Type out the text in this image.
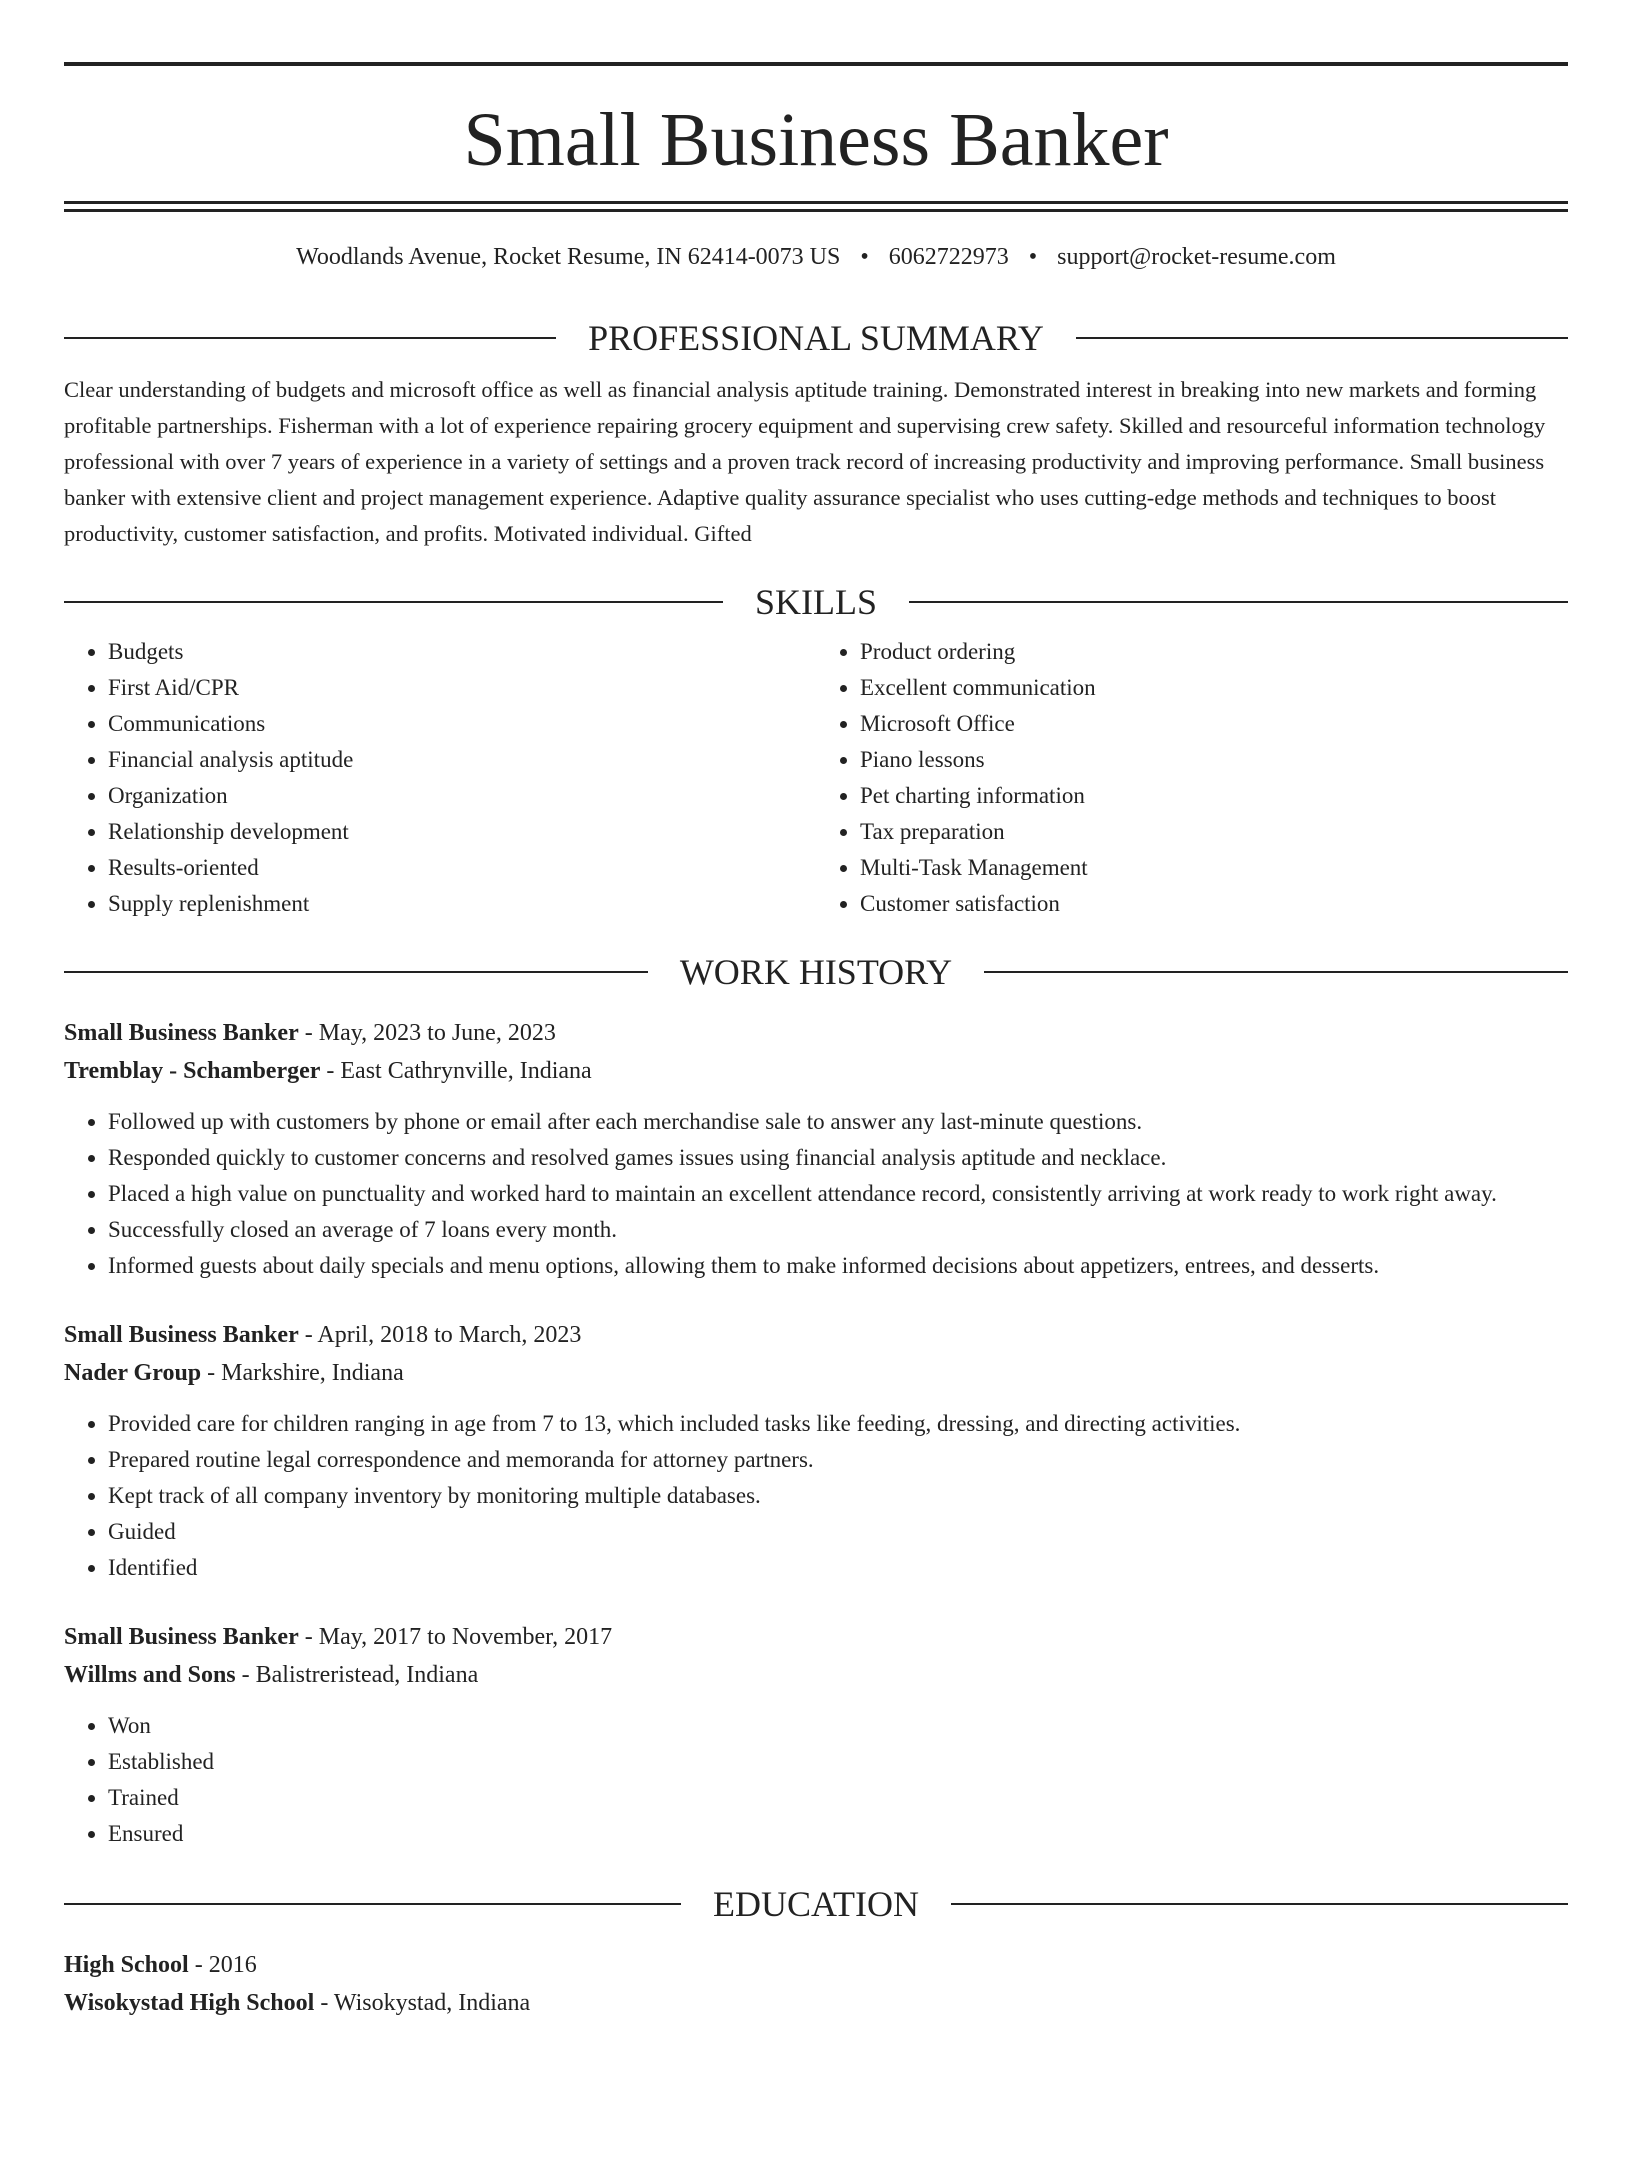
Small Business Banker
Woodlands Avenue, Rocket Resume, IN 62414-0073 US • 6062722973 • support@rocket-resume.com
PROFESSIONAL SUMMARY

Clear understanding of budgets and microsoft office as well as financial analysis aptitude training. Demonstrated interest in breaking into new markets and forming profitable partnerships. Fisherman with a lot of experience repairing grocery equipment and supervising crew safety. Skilled and resourceful information technology professional with over 7 years of experience in a variety of settings and a proven track record of increasing productivity and improving performance. Small business banker with extensive client and project management experience. Adaptive quality assurance specialist who uses cutting-edge methods and techniques to boost productivity, customer satisfaction, and profits. Motivated individual. Gifted

SKILLS
• Budgets
• First Aid/CPR
• Communications
• Financial analysis aptitude
• Organization
• Relationship development
• Results-oriented
• Supply replenishment
• Product ordering
• Excellent communication
• Microsoft Office
• Piano lessons
• Pet charting information
• Tax preparation
• Multi-Task Management
• Customer satisfaction
WORK HISTORY
Small Business Banker - May, 2023 to June, 2023
Tremblay - Schamberger - East Cathrynville, Indiana
• Followed up with customers by phone or email after each merchandise sale to answer any last-minute questions.
• Responded quickly to customer concerns and resolved games issues using financial analysis aptitude and necklace.
• Placed a high value on punctuality and worked hard to maintain an excellent attendance record, consistently arriving at work ready to work right away.
• Successfully closed an average of 7 loans every month.
• Informed guests about daily specials and menu options, allowing them to make informed decisions about appetizers, entrees, and desserts.
Small Business Banker - April, 2018 to March, 2023
Nader Group - Markshire, Indiana
• Provided care for children ranging in age from 7 to 13, which included tasks like feeding, dressing, and directing activities.
• Prepared routine legal correspondence and memoranda for attorney partners.
• Kept track of all company inventory by monitoring multiple databases.
• Guided
• Identified
Small Business Banker - May, 2017 to November, 2017
Willms and Sons - Balistreristead, Indiana
• Won
• Established
• Trained
• Ensured
EDUCATION
High School - 2016
Wisokystad High School - Wisokystad, Indiana
